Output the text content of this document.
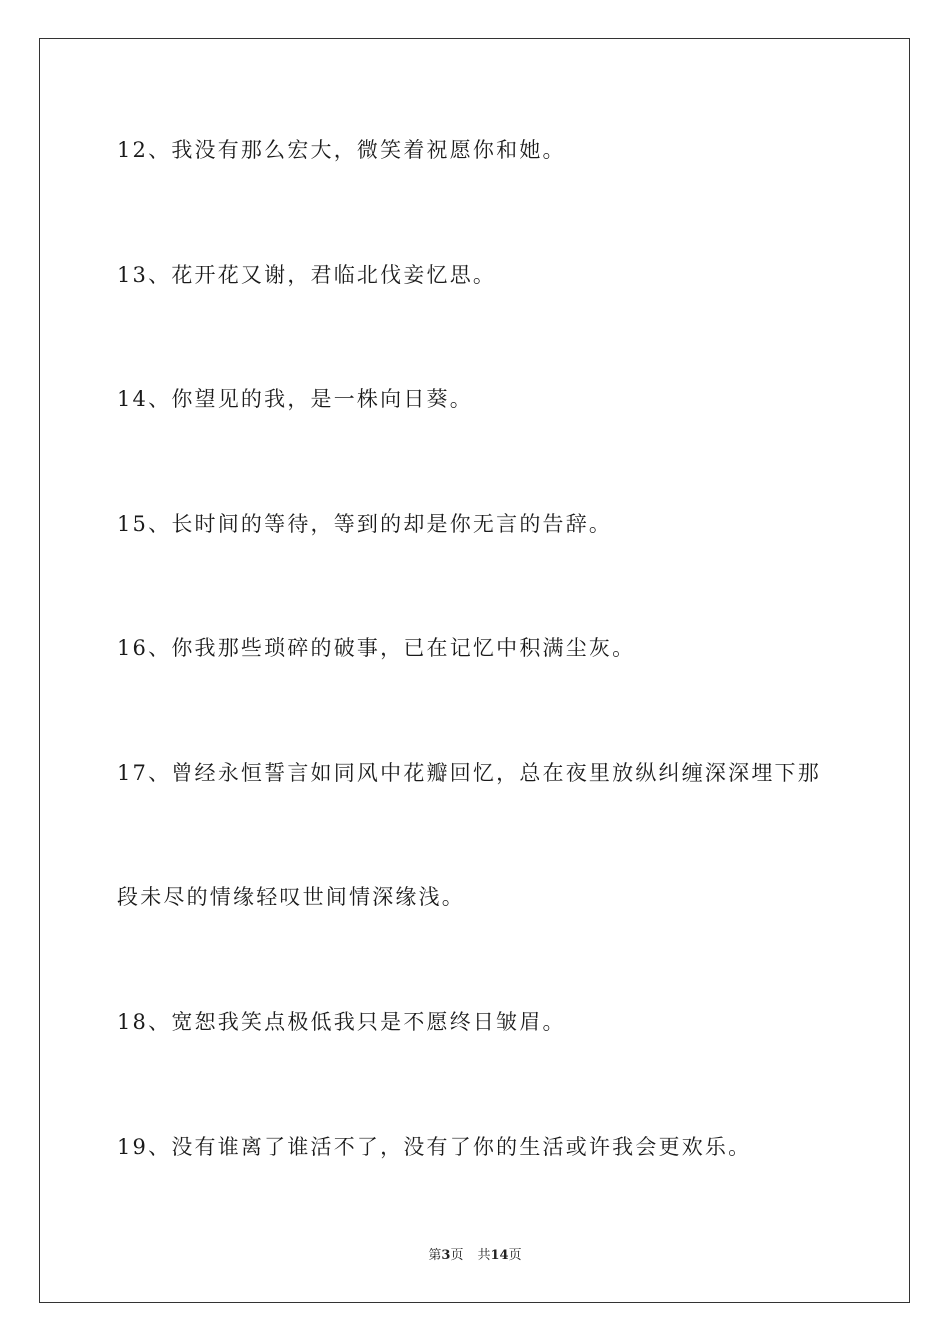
12、我没有那么宏大，微笑着祝愿你和她。
13、花开花又谢，君临北伐妾忆思。
14、你望见的我，是一株向日葵。
15、长时间的等待，等到的却是你无言的告辞。
16、你我那些琐碎的破事，已在记忆中积满尘灰。
17、曾经永恒誓言如同风中花瓣回忆，总在夜里放纵纠缠深深埋下那
段未尽的情缘轻叹世间情深缘浅。
18、宽恕我笑点极低我只是不愿终日皱眉。
19、没有谁离了谁活不了，没有了你的生活或许我会更欢乐。
第3页 共14页
